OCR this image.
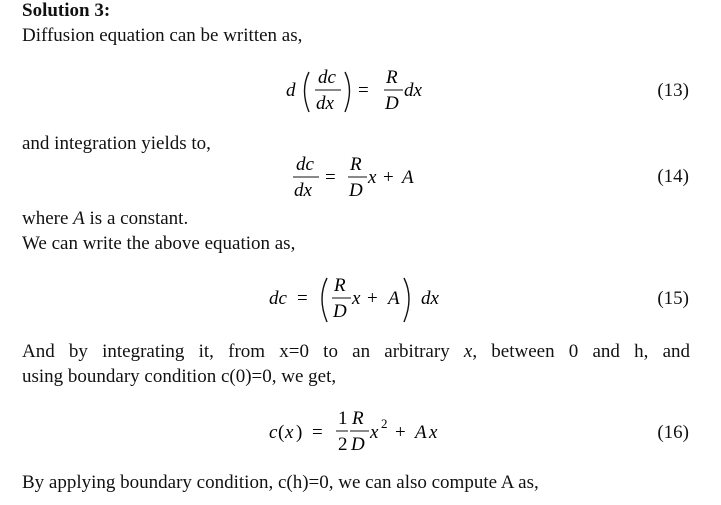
Solution 3:
Diffusion equation can be written as,
d
dc
dx
=
R
D
dx	(13)
and integration yields to,
dc
dx
=
R
D
x + A	(14)
where A is a constant.
We can write the above equation as,
dc =
R
D
x + A dx	(15)
And by integrating it, from x=0 to an arbitrary x, between 0 and h, and
using boundary condition c(0)=0, we get,
c ( x ) =
1
2
R
D
x 2 + A x	(16)
By applying boundary condition, c(h)=0, we can also compute A as,
